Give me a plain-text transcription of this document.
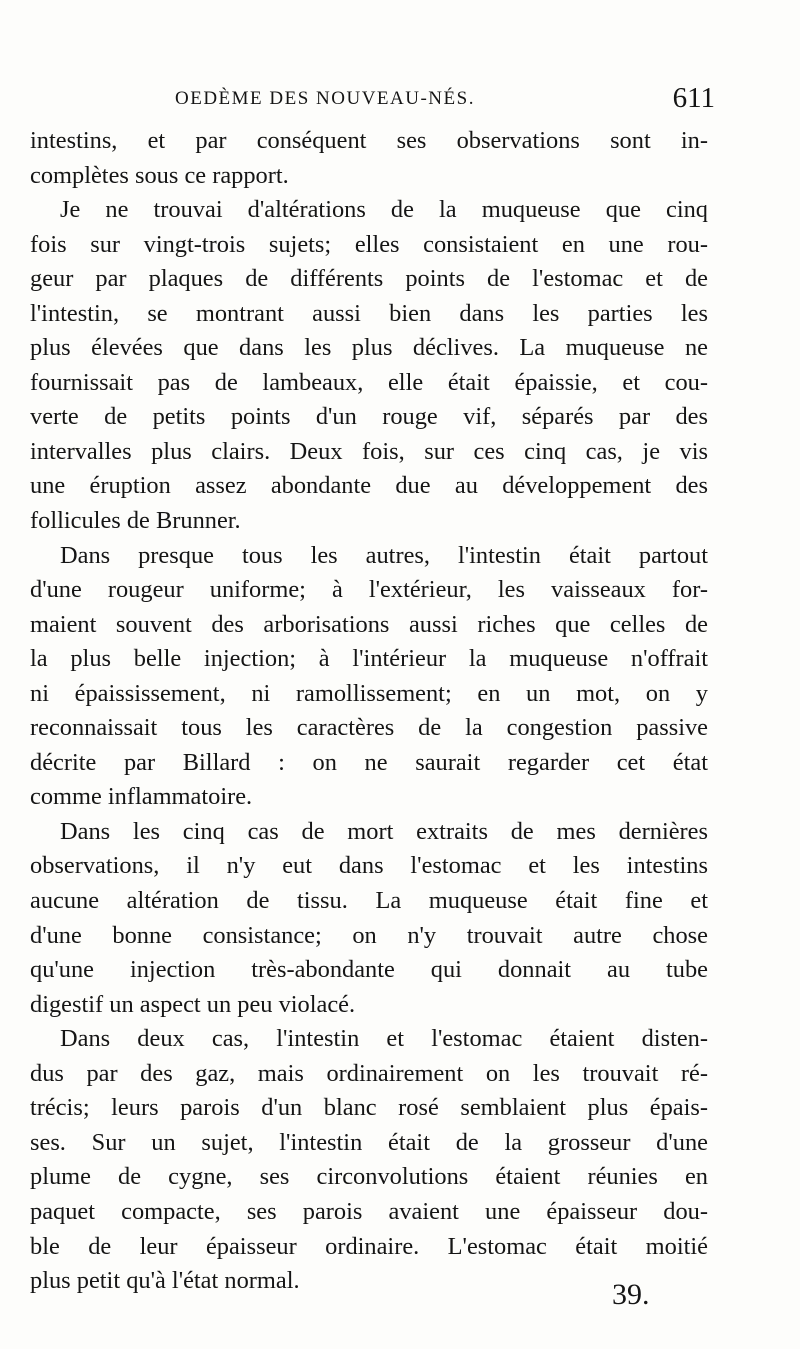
OEDÈME DES NOUVEAU-NÉS.	611
intestins, et par conséquent ses observations sont in-
complètes sous ce rapport.
Je ne trouvai d'altérations de la muqueuse que cinq
fois sur vingt-trois sujets; elles consistaient en une rou-
geur par plaques de différents points de l'estomac et de
l'intestin, se montrant aussi bien dans les parties les
plus élevées que dans les plus déclives. La muqueuse ne
fournissait pas de lambeaux, elle était épaissie, et cou-
verte de petits points d'un rouge vif, séparés par des
intervalles plus clairs. Deux fois, sur ces cinq cas, je vis
une éruption assez abondante due au développement des
follicules de Brunner.
Dans presque tous les autres, l'intestin était partout
d'une rougeur uniforme; à l'extérieur, les vaisseaux for-
maient souvent des arborisations aussi riches que celles de
la plus belle injection; à l'intérieur la muqueuse n'offrait
ni épaississement, ni ramollissement; en un mot, on y
reconnaissait tous les caractères de la congestion passive
décrite par Billard : on ne saurait regarder cet état
comme inflammatoire.
Dans les cinq cas de mort extraits de mes dernières
observations, il n'y eut dans l'estomac et les intestins
aucune altération de tissu. La muqueuse était fine et
d'une bonne consistance; on n'y trouvait autre chose
qu'une injection très-abondante qui donnait au tube
digestif un aspect un peu violacé.
Dans deux cas, l'intestin et l'estomac étaient disten-
dus par des gaz, mais ordinairement on les trouvait ré-
trécis; leurs parois d'un blanc rosé semblaient plus épais-
ses. Sur un sujet, l'intestin était de la grosseur d'une
plume de cygne, ses circonvolutions étaient réunies en
paquet compacte, ses parois avaient une épaisseur dou-
ble de leur épaisseur ordinaire. L'estomac était moitié
plus petit qu'à l'état normal.	39.
